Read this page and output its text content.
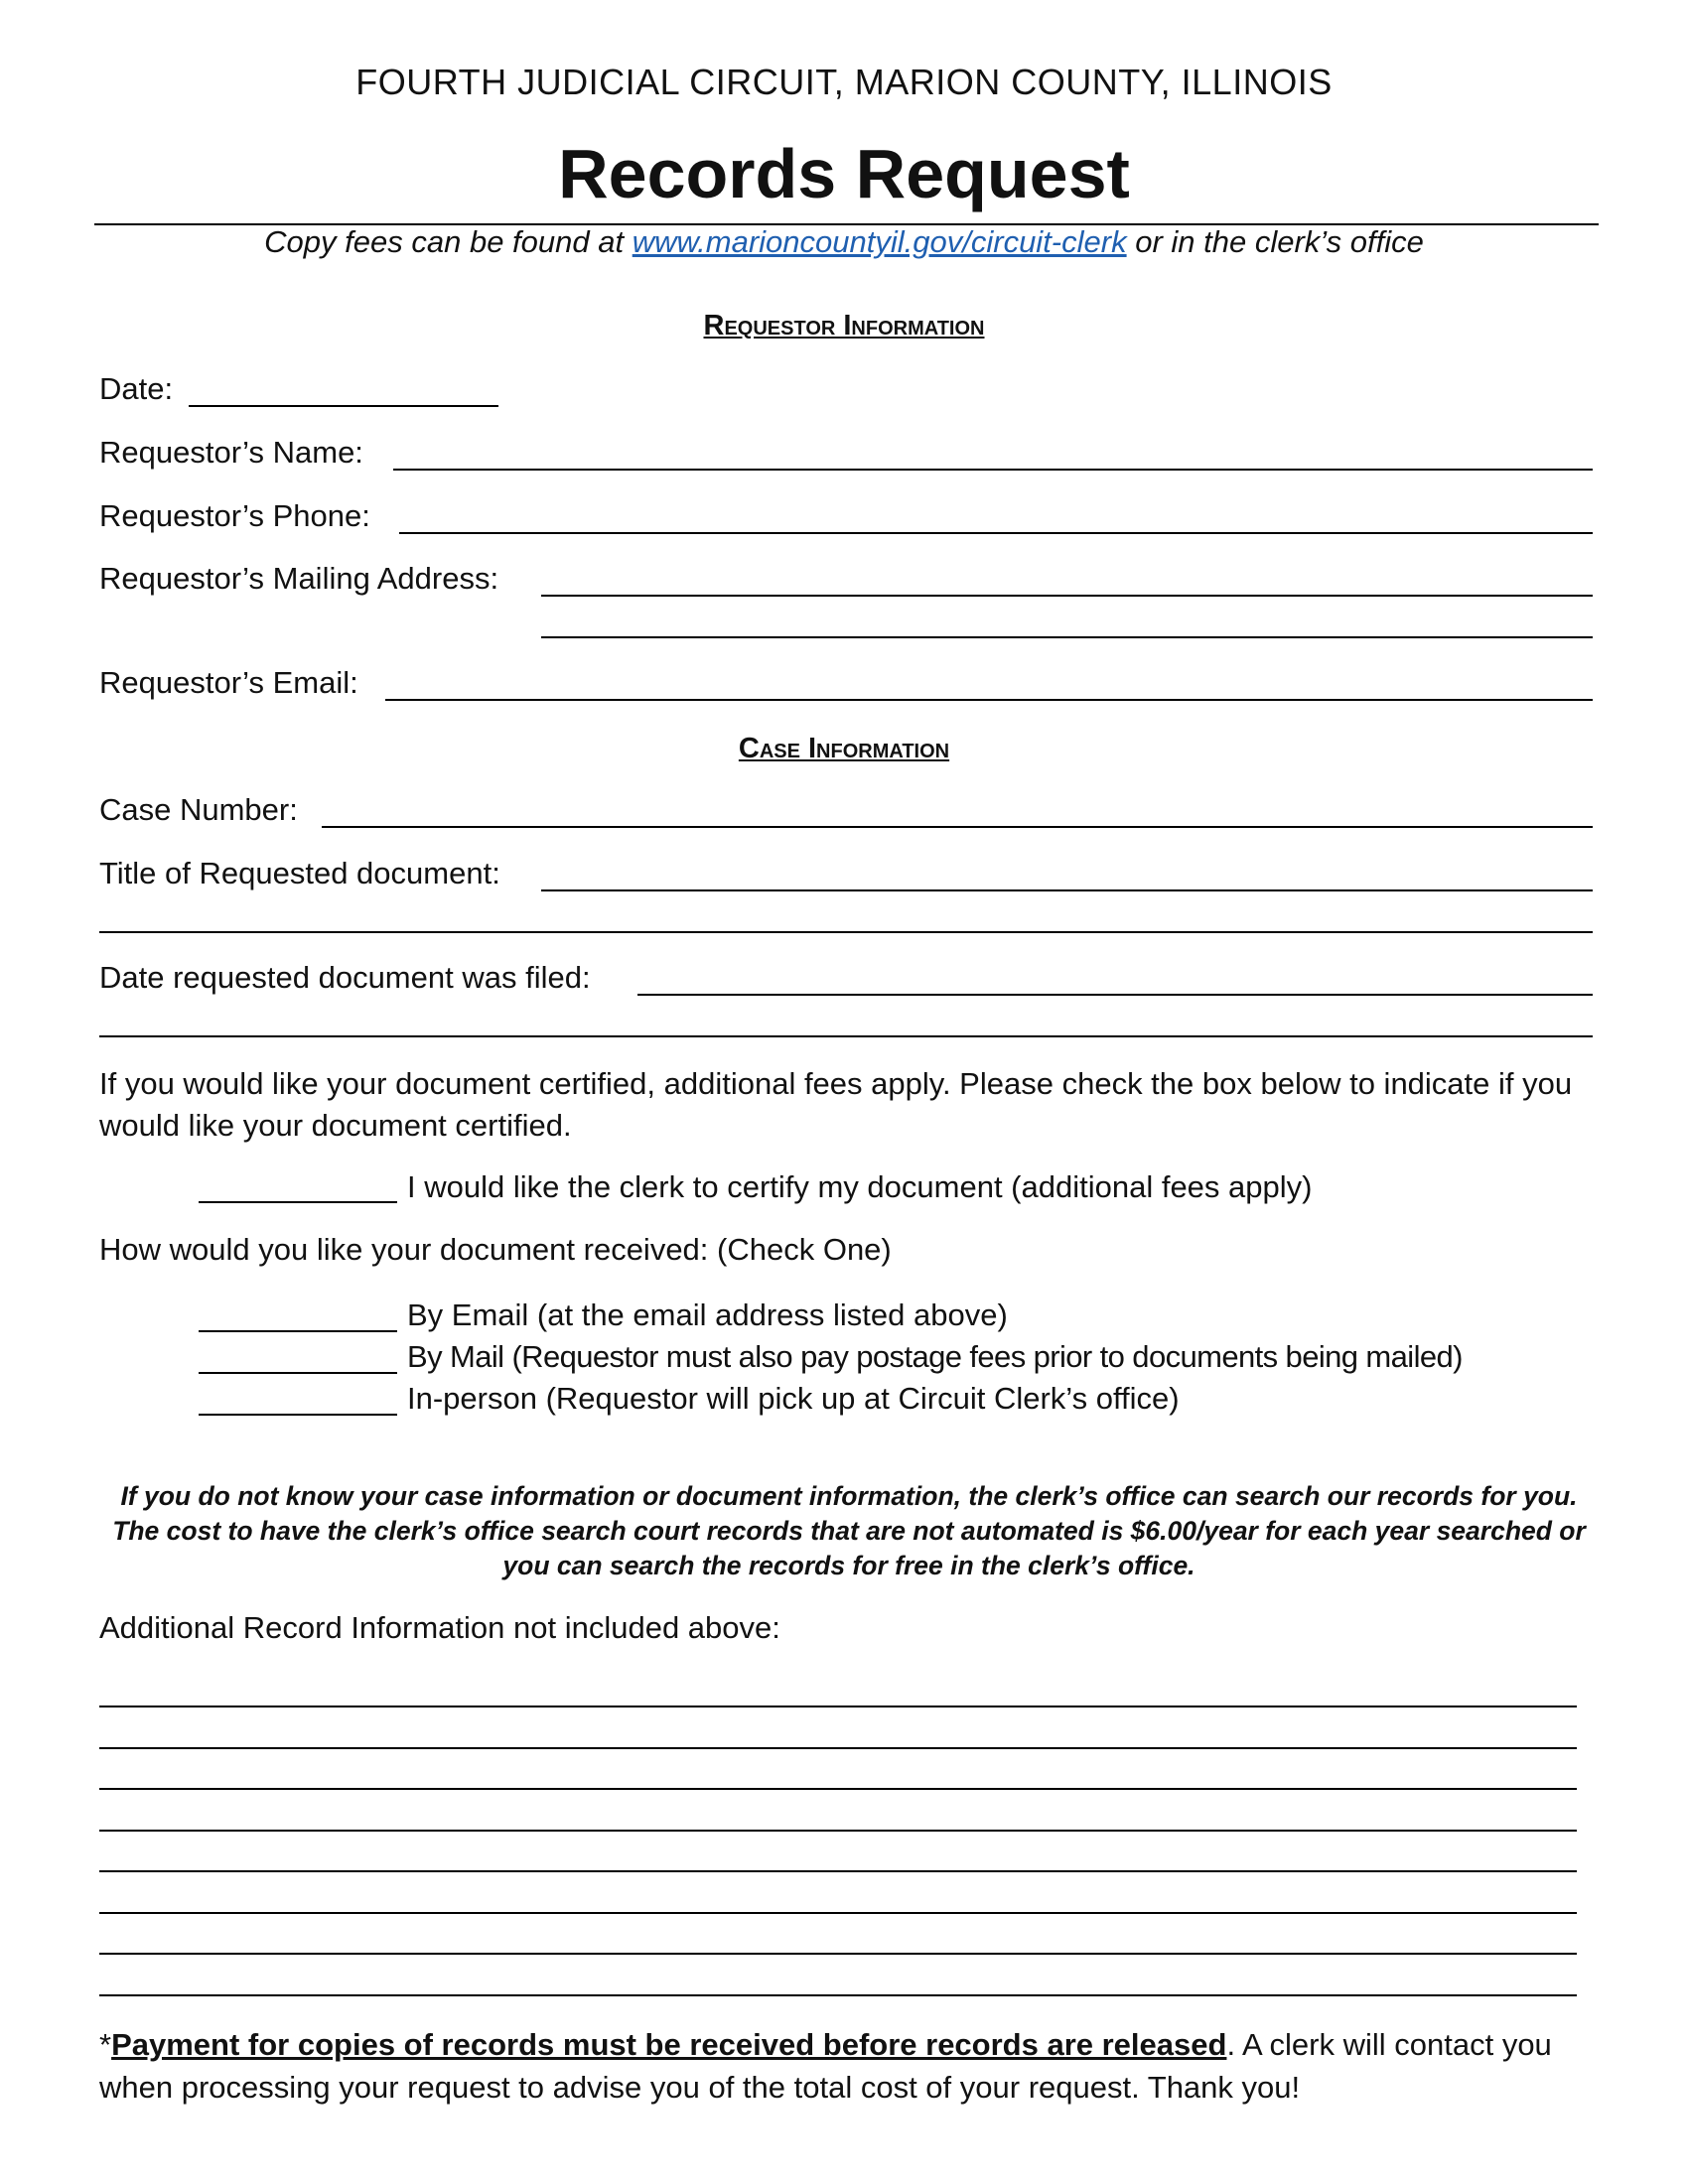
FOURTH JUDICIAL CIRCUIT, MARION COUNTY, ILLINOIS
Records Request
Copy fees can be found at www.marioncountyil.gov/circuit-clerk or in the clerk’s office
Requestor Information
Date:
Requestor’s Name:
Requestor’s Phone:
Requestor’s Mailing Address:
Requestor’s Email:
Case Information
Case Number:
Title of Requested document:
Date requested document was filed:
If you would like your document certified, additional fees apply. Please check the box below to indicate if you would like your document certified.
I would like the clerk to certify my document (additional fees apply)
How would you like your document received: (Check One)
By Email (at the email address listed above)
By Mail (Requestor must also pay postage fees prior to documents being mailed)
In-person (Requestor will pick up at Circuit Clerk’s office)
If you do not know your case information or document information, the clerk’s office can search our records for you. The cost to have the clerk’s office search court records that are not automated is $6.00/year for each year searched or you can search the records for free in the clerk’s office.
Additional Record Information not included above:
*Payment for copies of records must be received before records are released. A clerk will contact you when processing your request to advise you of the total cost of your request. Thank you!
